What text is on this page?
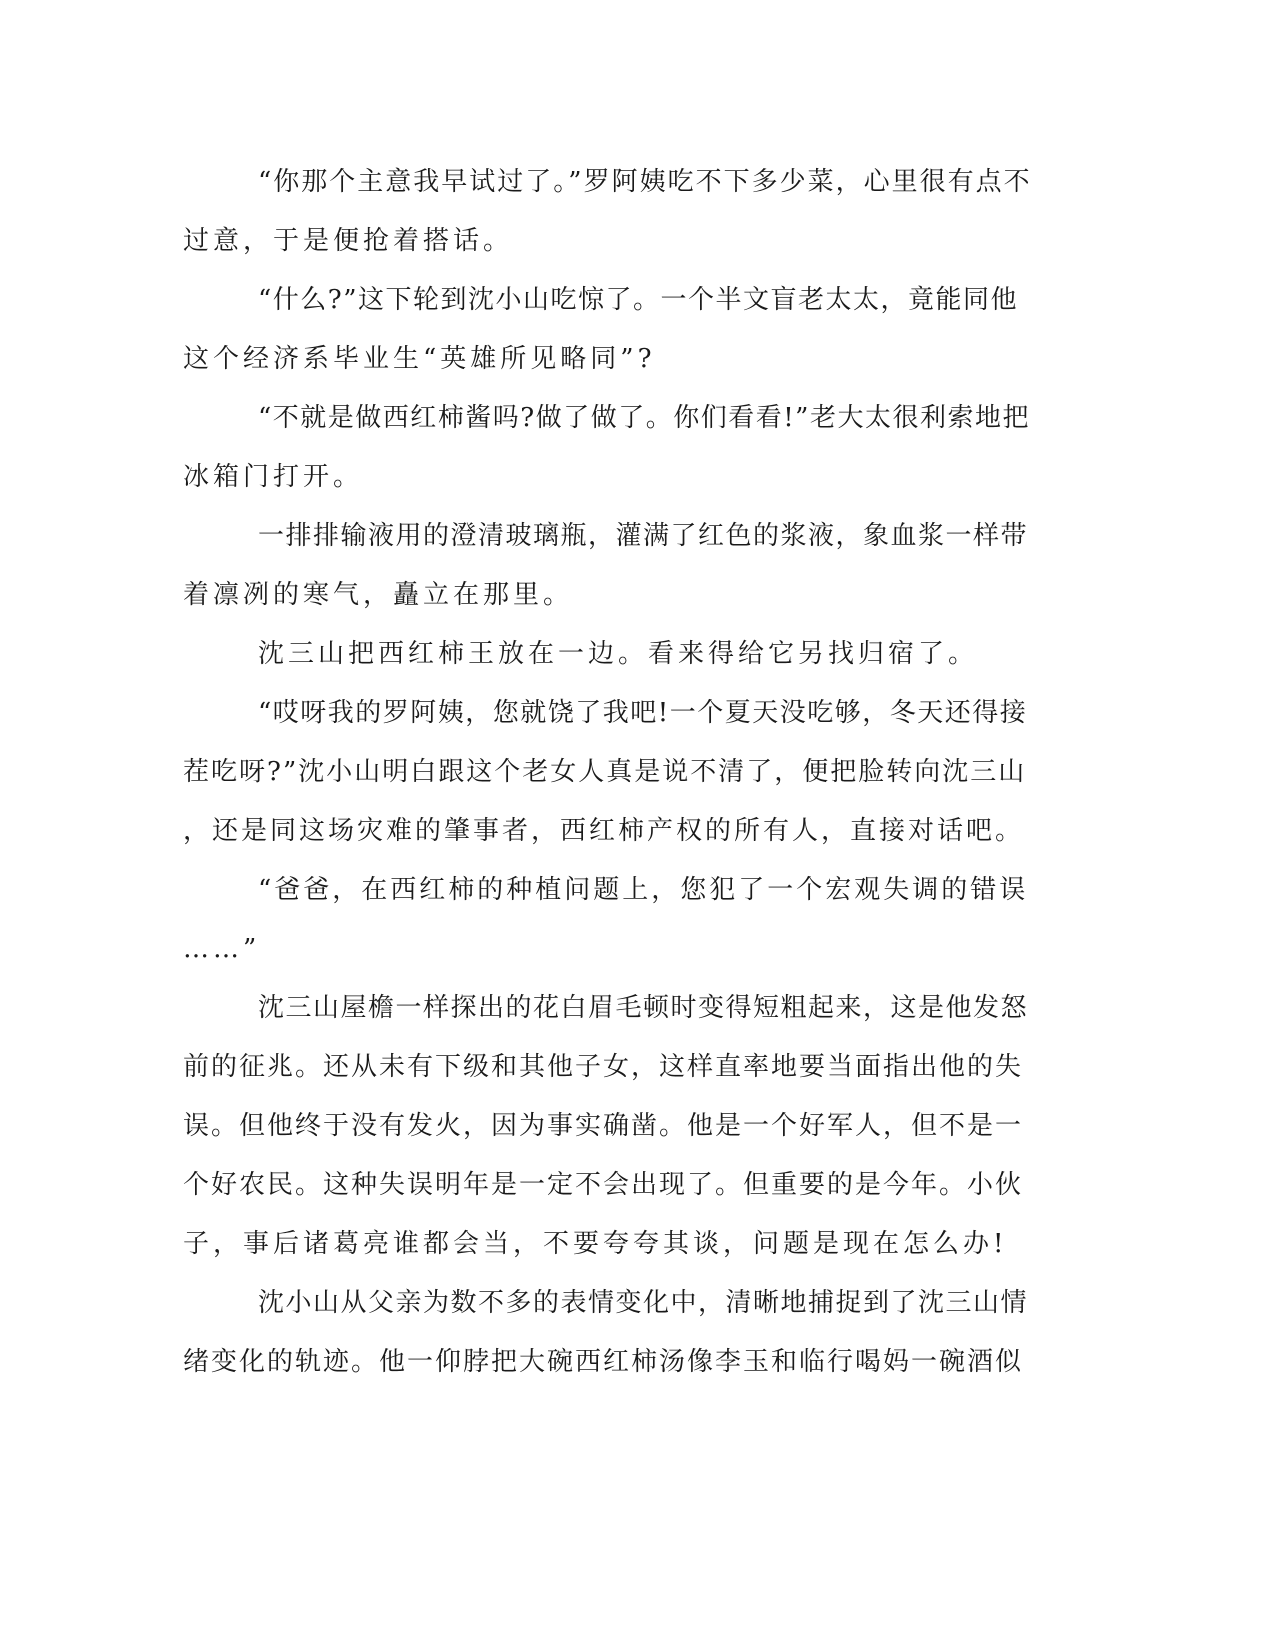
“你那个主意我早试过了。”罗阿姨吃不下多少菜，心里很有点不
过意，于是便抢着搭话。
“什么?”这下轮到沈小山吃惊了。一个半文盲老太太，竟能同他
这个经济系毕业生“英雄所见略同”?
“不就是做西红柿酱吗?做了做了。你们看看!”老大太很利索地把
冰箱门打开。
一排排输液用的澄清玻璃瓶，灌满了红色的浆液，象血浆一样带
着凛冽的寒气，矗立在那里。
沈三山把西红柿王放在一边。看来得给它另找归宿了。
“哎呀我的罗阿姨，您就饶了我吧!一个夏天没吃够，冬天还得接
茬吃呀?”沈小山明白跟这个老女人真是说不清了，便把脸转向沈三山
，还是同这场灾难的肇事者，西红柿产权的所有人，直接对话吧。
“爸爸，在西红柿的种植问题上，您犯了一个宏观失调的错误
……”
沈三山屋檐一样探出的花白眉毛顿时变得短粗起来，这是他发怒
前的征兆。还从未有下级和其他子女，这样直率地要当面指出他的失
误。但他终于没有发火，因为事实确凿。他是一个好军人，但不是一
个好农民。这种失误明年是一定不会出现了。但重要的是今年。小伙
子，事后诸葛亮谁都会当，不要夸夸其谈，问题是现在怎么办!
沈小山从父亲为数不多的表情变化中，清晰地捕捉到了沈三山情
绪变化的轨迹。他一仰脖把大碗西红柿汤像李玉和临行喝妈一碗酒似
